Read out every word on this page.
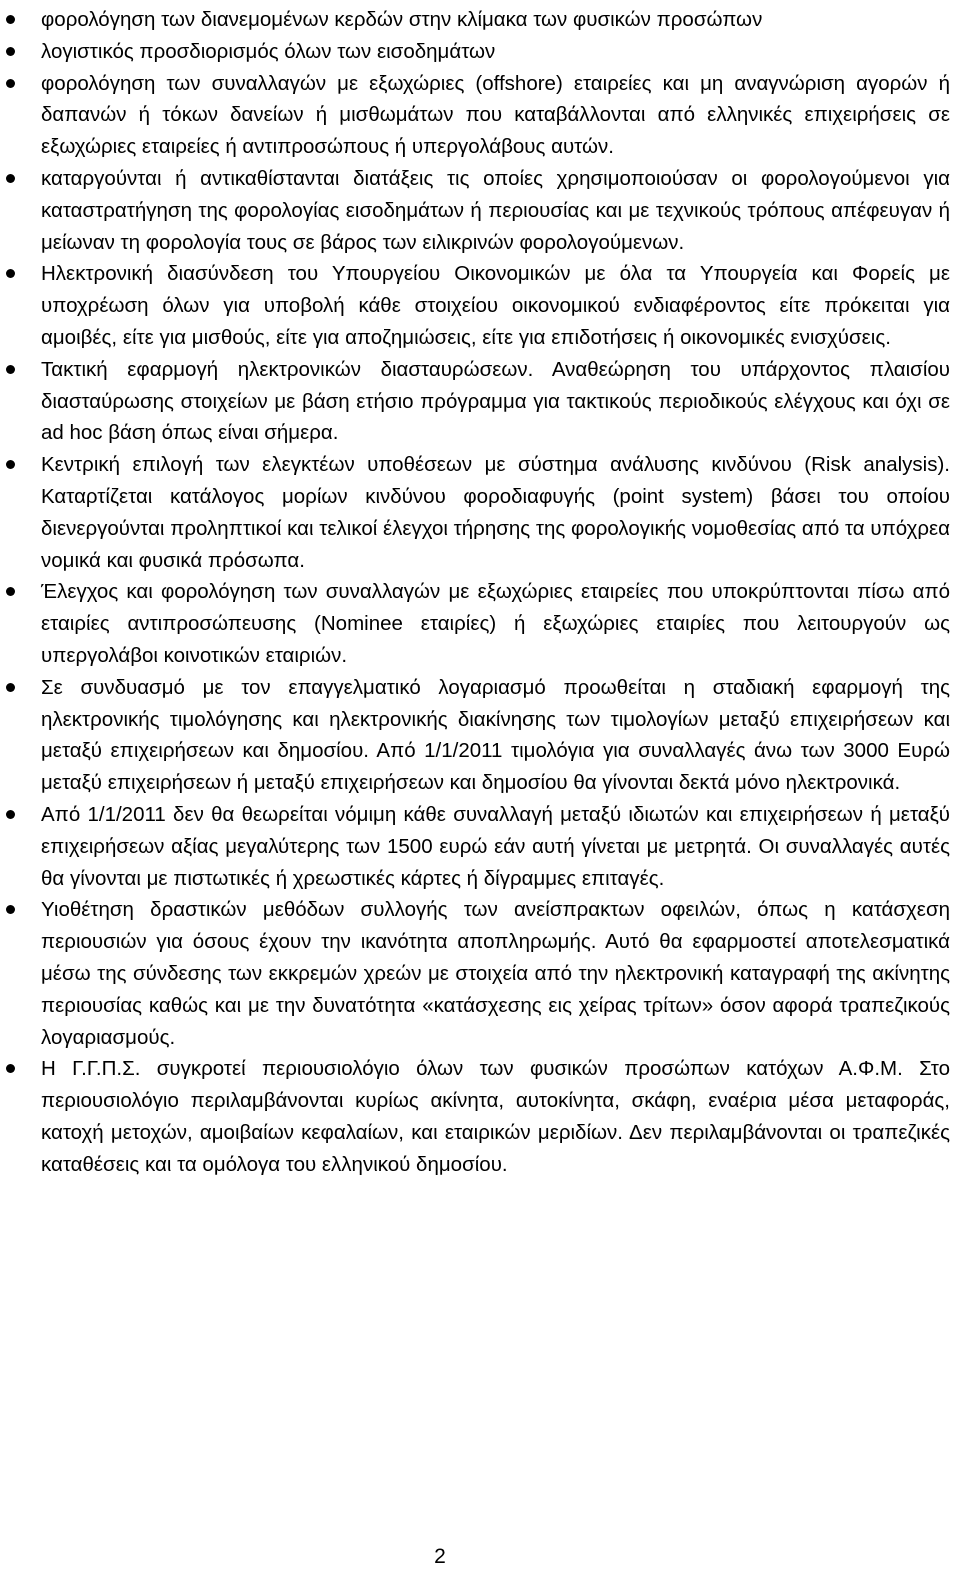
φορολόγηση των διανεμομένων κερδών στην κλίμακα των φυσικών προσώπων
λογιστικός προσδιορισμός όλων των εισοδημάτων
φορολόγηση των συναλλαγών με εξωχώριες (offshore) εταιρείες και μη αναγνώριση αγορών ή δαπανών ή τόκων δανείων ή μισθωμάτων που καταβάλλονται από ελληνικές επιχειρήσεις σε εξωχώριες εταιρείες ή αντιπροσώπους ή υπεργολάβους αυτών.
καταργούνται ή αντικαθίστανται διατάξεις τις οποίες χρησιμοποιούσαν οι φορολογούμενοι για καταστρατήγηση της φορολογίας εισοδημάτων ή περιουσίας και με τεχνικούς τρόπους απέφευγαν ή μείωναν τη φορολογία τους σε βάρος των ειλικρινών φορολογούμενων.
Ηλεκτρονική διασύνδεση του Υπουργείου Οικονομικών με όλα τα Υπουργεία και Φορείς με υποχρέωση όλων για υποβολή κάθε στοιχείου οικονομικού ενδιαφέροντος είτε πρόκειται για αμοιβές, είτε για μισθούς, είτε για αποζημιώσεις, είτε για επιδοτήσεις ή οικονομικές ενισχύσεις.
Τακτική εφαρμογή ηλεκτρονικών διασταυρώσεων. Αναθεώρηση του υπάρχοντος πλαισίου διασταύρωσης στοιχείων με βάση ετήσιο πρόγραμμα για τακτικούς περιοδικούς ελέγχους και όχι σε ad hoc βάση όπως είναι σήμερα.
Κεντρική επιλογή των ελεγκτέων υποθέσεων με σύστημα ανάλυσης κινδύνου (Risk analysis). Καταρτίζεται κατάλογος μορίων κινδύνου φοροδιαφυγής (point system) βάσει του οποίου διενεργούνται προληπτικοί και τελικοί έλεγχοι τήρησης της φορολογικής νομοθεσίας από τα υπόχρεα νομικά και φυσικά πρόσωπα.
Έλεγχος και φορολόγηση των συναλλαγών με εξωχώριες εταιρείες που υποκρύπτονται πίσω από εταιρίες αντιπροσώπευσης (Nominee εταιρίες) ή εξωχώριες εταιρίες που λειτουργούν ως υπεργολάβοι κοινοτικών εταιριών.
Σε συνδυασμό με τον επαγγελματικό λογαριασμό προωθείται η σταδιακή εφαρμογή της ηλεκτρονικής τιμολόγησης και ηλεκτρονικής διακίνησης των τιμολογίων μεταξύ επιχειρήσεων και μεταξύ επιχειρήσεων και δημοσίου. Από 1/1/2011 τιμολόγια για συναλλαγές άνω των 3000 Ευρώ μεταξύ επιχειρήσεων ή μεταξύ επιχειρήσεων και δημοσίου θα γίνονται δεκτά μόνο ηλεκτρονικά.
Από 1/1/2011 δεν θα θεωρείται νόμιμη κάθε συναλλαγή μεταξύ ιδιωτών και επιχειρήσεων ή μεταξύ επιχειρήσεων αξίας μεγαλύτερης των 1500 ευρώ εάν αυτή γίνεται με μετρητά. Οι συναλλαγές αυτές θα γίνονται με πιστωτικές ή χρεωστικές κάρτες ή δίγραμμες επιταγές.
Υιοθέτηση δραστικών μεθόδων συλλογής των ανείσπρακτων οφειλών, όπως η κατάσχεση περιουσιών για όσους έχουν την ικανότητα αποπληρωμής. Αυτό θα εφαρμοστεί αποτελεσματικά μέσω της σύνδεσης των εκκρεμών χρεών με στοιχεία από την ηλεκτρονική καταγραφή της ακίνητης περιουσίας καθώς και με την δυνατότητα «κατάσχεσης εις χείρας τρίτων» όσον αφορά τραπεζικούς λογαριασμούς.
Η Γ.Γ.Π.Σ. συγκροτεί περιουσιολόγιο όλων των φυσικών προσώπων κατόχων Α.Φ.Μ. Στο περιουσιολόγιο περιλαμβάνονται κυρίως ακίνητα, αυτοκίνητα, σκάφη, εναέρια μέσα μεταφοράς, κατοχή μετοχών, αμοιβαίων κεφαλαίων, και εταιρικών μεριδίων. Δεν περιλαμβάνονται οι τραπεζικές καταθέσεις και τα ομόλογα του ελληνικού δημοσίου.
2
